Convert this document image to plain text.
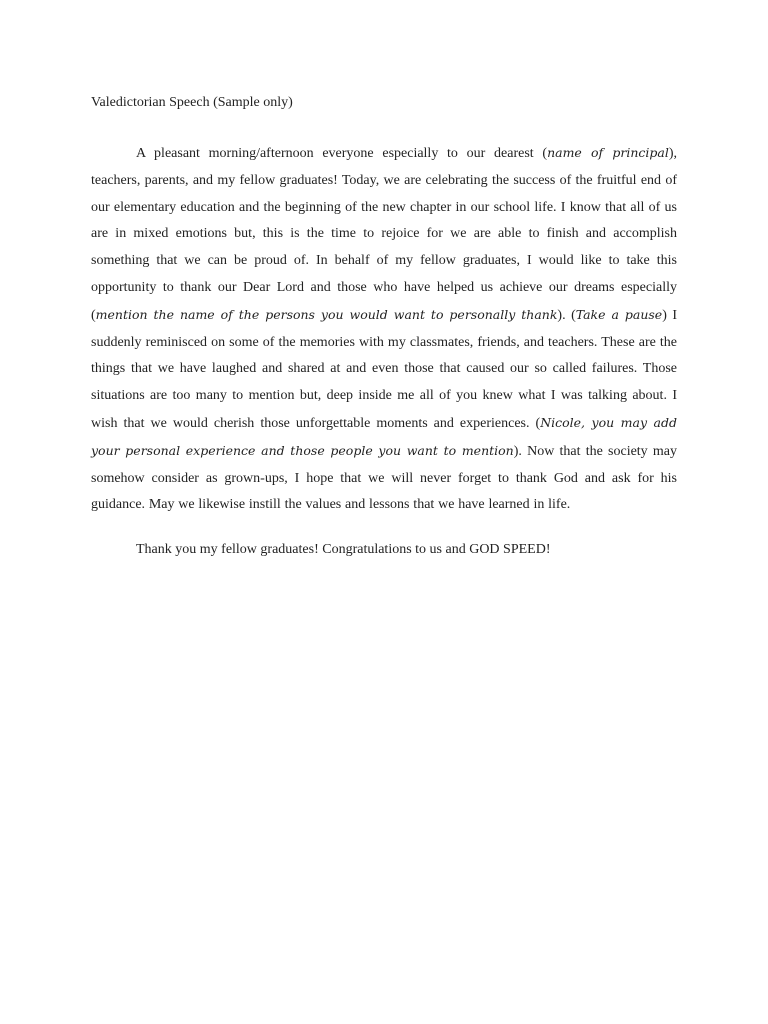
Valedictorian Speech (Sample only)

A pleasant morning/afternoon everyone especially to our dearest (name of principal), teachers, parents, and my fellow graduates! Today, we are celebrating the success of the fruitful end of our elementary education and the beginning of the new chapter in our school life. I know that all of us are in mixed emotions but, this is the time to rejoice for we are able to finish and accomplish something that we can be proud of. In behalf of my fellow graduates, I would like to take this opportunity to thank our Dear Lord and those who have helped us achieve our dreams especially (mention the name of the persons you would want to personally thank). (Take a pause) I suddenly reminisced on some of the memories with my classmates, friends, and teachers. These are the things that we have laughed and shared at and even those that caused our so called failures. Those situations are too many to mention but, deep inside me all of you knew what I was talking about. I wish that we would cherish those unforgettable moments and experiences. (Nicole, you may add your personal experience and those people you want to mention). Now that the society may somehow consider as grown-ups, I hope that we will never forget to thank God and ask for his guidance. May we likewise instill the values and lessons that we have learned in life.

Thank you my fellow graduates! Congratulations to us and GOD SPEED!
